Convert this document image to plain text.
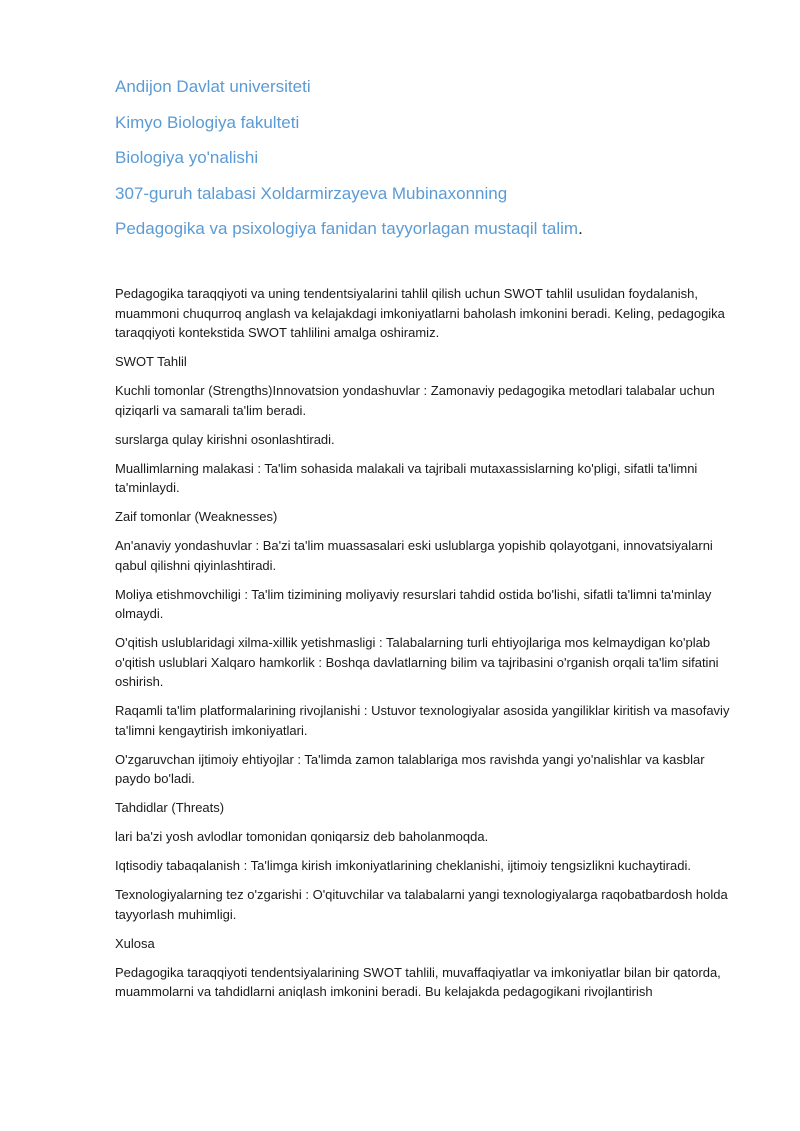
Andijon Davlat universiteti
Kimyo Biologiya fakulteti
Biologiya yo'nalishi
307-guruh talabasi Xoldarmirzayeva Mubinaxonning
Pedagogika va psixologiya fanidan tayyorlagan mustaqil talim.

Pedagogika taraqqiyoti va uning tendentsiyalarini tahlil qilish uchun SWOT tahlil usulidan foydalanish, muammoni chuqurroq anglash va kelajakdagi imkoniyatlarni baholash imkonini beradi. Keling, pedagogika taraqqiyoti kontekstida SWOT tahlilini amalga oshiramiz.

SWOT Tahlil

Kuchli tomonlar (Strengths)Innovatsion yondashuvlar : Zamonaviy pedagogika metodlari talabalar uchun qiziqarli va samarali ta'lim beradi.

surslarga qulay kirishni osonlashtiradi.

Muallimlarning malakasi : Ta'lim sohasida malakali va tajribali mutaxassislarning ko'pligi, sifatli ta'limni ta'minlaydi.

Zaif tomonlar (Weaknesses)

An'anaviy yondashuvlar : Ba'zi ta'lim muassasalari eski uslublarga yopishib qolayotgani, innovatsiyalarni qabul qilishni qiyinlashtiradi.

Moliya etishmovchiligi : Ta'lim tizimining moliyaviy resurslari tahdid ostida bo'lishi, sifatli ta'limni ta'minlay olmaydi.

O'qitish uslublaridagi xilma-xillik yetishmasligi : Talabalarning turli ehtiyojlariga mos kelmaydigan ko'plab o'qitish uslublari Xalqaro hamkorlik : Boshqa davlatlarning bilim va tajribasini o'rganish orqali ta'lim sifatini oshirish.

Raqamli ta'lim platformalarining rivojlanishi : Ustuvor texnologiyalar asosida yangiliklar kiritish va masofaviy ta'limni kengaytirish imkoniyatlari.

O'zgaruvchan ijtimoiy ehtiyojlar : Ta'limda zamon talablariga mos ravishda yangi yo'nalishlar va kasblar paydo bo'ladi.

Tahdidlar (Threats)

lari ba'zi yosh avlodlar tomonidan qoniqarsiz deb baholanmoqda.

Iqtisodiy tabaqalanish : Ta'limga kirish imkoniyatlarining cheklanishi, ijtimoiy tengsizlikni kuchaytiradi.

Texnologiyalarning tez o'zgarishi : O'qituvchilar va talabalarni yangi texnologiyalarga raqobatbardosh holda tayyorlash muhimligi.

Xulosa

Pedagogika taraqqiyoti tendentsiyalarining SWOT tahlili, muvaffaqiyatlar va imkoniyatlar bilan bir qatorda, muammolarni va tahdidlarni aniqlash imkonini beradi. Bu kelajakda pedagogikani rivojlantirish
